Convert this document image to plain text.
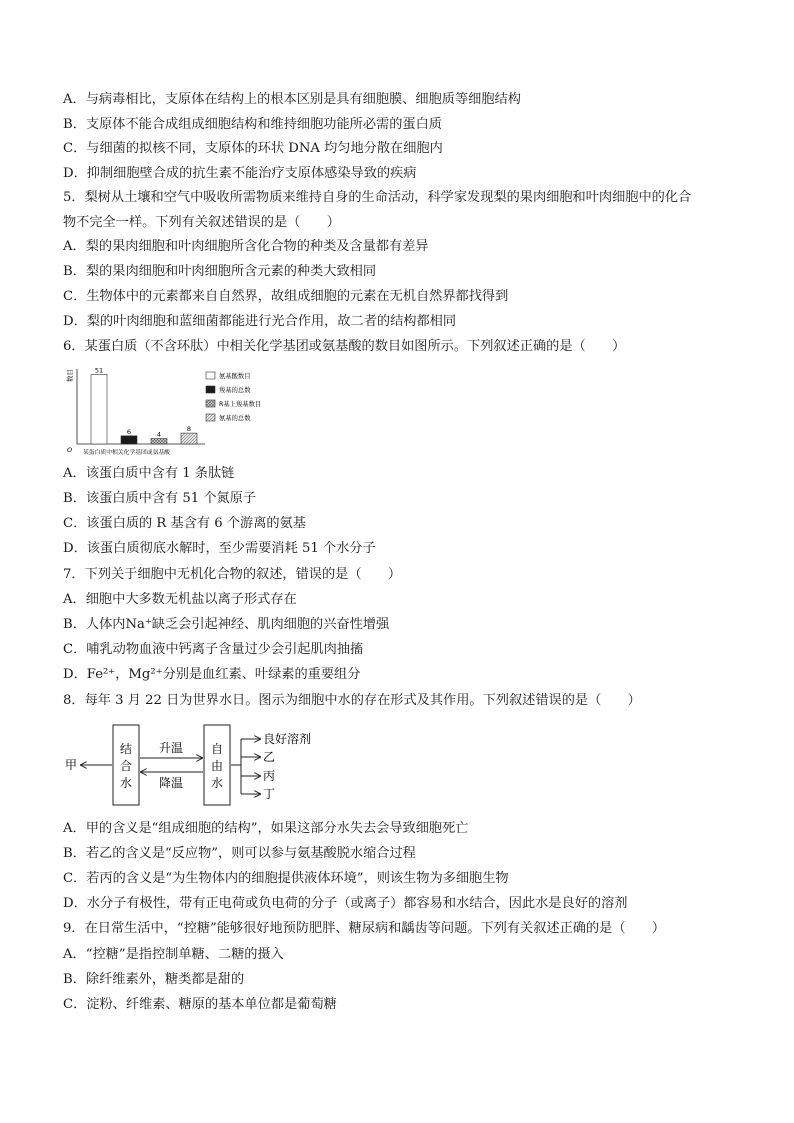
A．与病毒相比，支原体在结构上的根本区别是具有细胞膜、细胞质等细胞结构
B．支原体不能合成组成细胞结构和维持细胞功能所必需的蛋白质
C．与细菌的拟核不同，支原体的环状 DNA 均匀地分散在细胞内
D．抑制细胞壁合成的抗生素不能治疗支原体感染导致的疾病
5．梨树从土壤和空气中吸收所需物质来维持自身的生命活动，科学家发现梨的果肉细胞和叶肉细胞中的化合
物不完全一样。下列有关叙述错误的是（　　）
A．梨的果肉细胞和叶肉细胞所含化合物的种类及含量都有差异
B．梨的果肉细胞和叶肉细胞所含元素的种类大致相同
C．生物体中的元素都来自自然界，故组成细胞的元素在无机自然界都找得到
D．梨的叶肉细胞和蓝细菌都能进行光合作用，故二者的结构都相同
6．某蛋白质（不含环肽）中相关化学基团或氨基酸的数目如图所示。下列叙述正确的是（　　）
A．该蛋白质中含有 1 条肽链
B．该蛋白质中含有 51 个氮原子
C．该蛋白质的 R 基含有 6 个游离的氨基
D．该蛋白质彻底水解时，至少需要消耗 51 个水分子
7．下列关于细胞中无机化合物的叙述，错误的是（　　）
A．细胞中大多数无机盐以离子形式存在
B．人体内Na⁺缺乏会引起神经、肌肉细胞的兴奋性增强
C．哺乳动物血液中钙离子含量过少会引起肌肉抽搐
D．Fe²⁺，Mg²⁺分别是血红素、叶绿素的重要组分
8．每年 3 月 22 日为世界水日。图示为细胞中水的存在形式及其作用。下列叙述错误的是（　　）
A．甲的含义是“组成细胞的结构”，如果这部分水失去会导致细胞死亡
B．若乙的含义是“反应物”，则可以参与氨基酸脱水缩合过程
C．若丙的含义是“为生物体内的细胞提供液体环境”，则该生物为多细胞生物
D．水分子有极性，带有正电荷或负电荷的分子（或离子）都容易和水结合，因此水是良好的溶剂
9．在日常生活中，“控糖”能够很好地预防肥胖、糖尿病和龋齿等问题。下列有关叙述正确的是（　　）
A．“控糖”是指控制单糖、二糖的摄入
B．除纤维素外，糖类都是甜的
C．淀粉、纤维素、糖原的基本单位都是葡萄糖
数目
O 某蛋白质中相关化学基团或氨基酸
51
6	4
8
氨基酸数目
羧基的总数
R基上羧基数目
氨基的总数
结
合
水
自
由
水
升温
降温
甲
良好溶剂
乙
丙
丁
